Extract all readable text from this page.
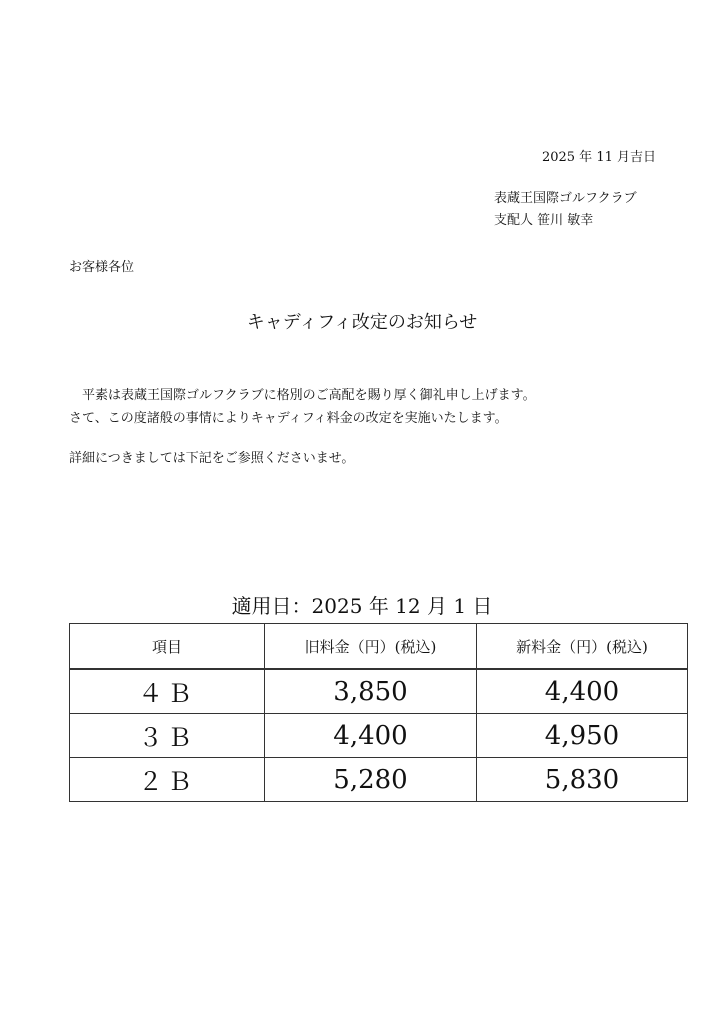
2025 年 11 月吉日
表蔵王国際ゴルフクラブ
支配人 笹川 敏幸
お客様各位
キャディフィ改定のお知らせ

平素は表蔵王国際ゴルフクラブに格別のご高配を賜り厚く御礼申し上げます。

さて、この度諸般の事情によりキャディフィ料金の改定を実施いたします。

詳細につきましては下記をご参照くださいませ。

適用日：2025 年 12 月 1 日
項目	旧料金（円）(税込)	新料金（円）(税込)
４Ｂ	3,850	4,400
３Ｂ	4,400	4,950
２Ｂ	5,280	5,830
